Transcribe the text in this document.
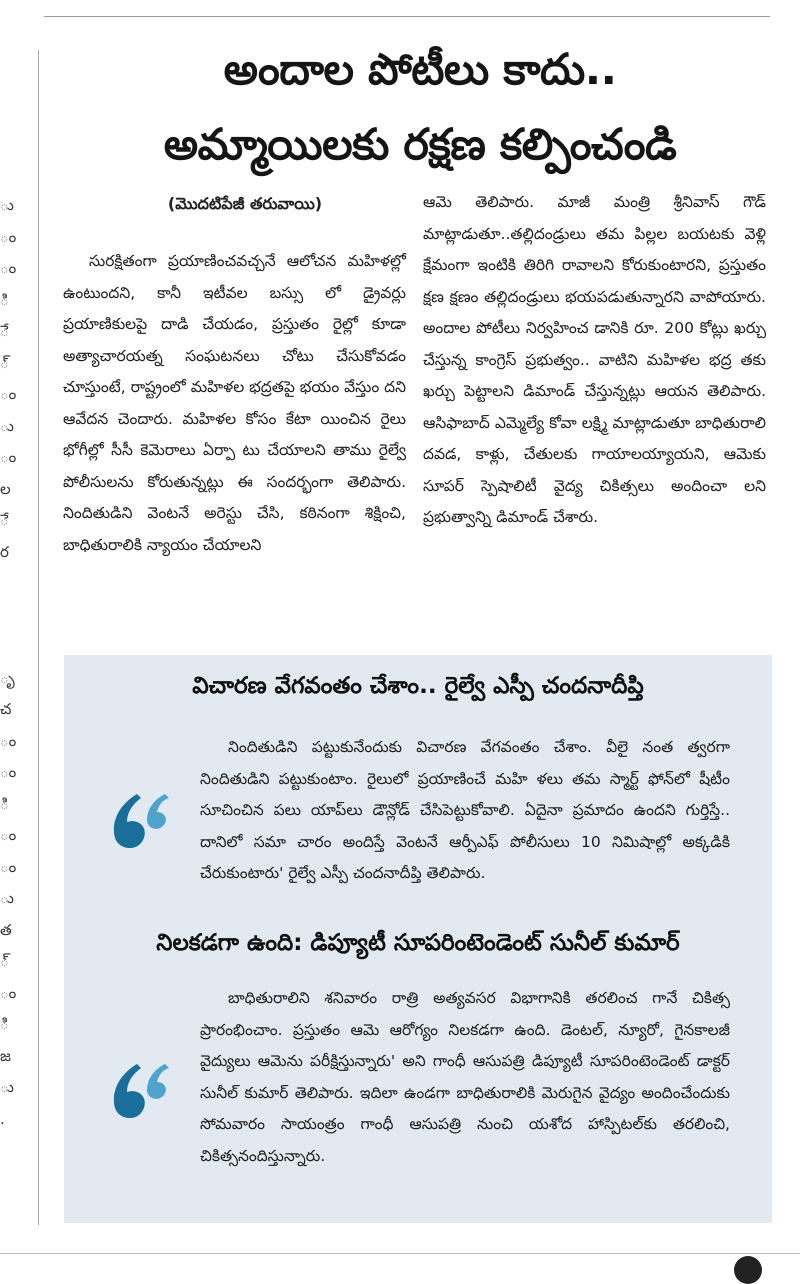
ు
ం
ం
ి
ే
్
ం
ు
ం
ల
ే
ర

ృ
చ
ం
ం
ి
ం
ం
ు
త
్
ం
ి
జ
ు
.
అందాల పోటీలు కాదు..
అమ్మాయిలకు రక్షణ కల్పించండి
(మొదటిపేజీ తరువాయి)
సురక్షితంగా ప్రయాణించవచ్చనే ఆలోచన మహిళల్లో ఉంటుందని, కానీ ఇటీవల బస్సు లో డ్రైవర్లు ప్రయాణికులపై దాడి చేయడం, ప్రస్తుతం రైల్లో కూడా అత్యాచారయత్న సంఘటనలు చోటు చేసుకోవడం చూస్తుంటే, రాష్ట్రంలో మహిళల భద్రతపై భయం వేస్తుం దని ఆవేదన చెందారు. మహిళల కోసం కేటా యించిన రైలు భోగీల్లో సీసీ కెమెరాలు ఏర్పా టు చేయాలని తాము రైల్వే పోలీసులను కోరుతున్నట్లు ఈ సందర్భంగా తెలిపారు. నిందితుడిని వెంటనే అరెస్టు చేసి, కఠినంగా శిక్షించి, బాధితురాలికి న్యాయం చేయాలని
ఆమె తెలిపారు. మాజీ మంత్రి శ్రీనివాస్ గౌడ్ మాట్లాడుతూ..తల్లిదండ్రులు తమ పిల్లల బయటకు వెళ్లి క్షేమంగా ఇంటికి తిరిగి రావాలని కోరుకుంటారని, ప్రస్తుతం క్షణ క్షణం తల్లిదండ్రులు భయపడుతున్నారని వాపోయారు. అందాల పోటీలు నిర్వహించ డానికి రూ. 200 కోట్లు ఖర్చు చేస్తున్న కాంగ్రెస్ ప్రభుత్వం.. వాటిని మహిళల భద్ర తకు ఖర్చు పెట్టాలని డిమాండ్ చేస్తున్నట్లు ఆయన తెలిపారు. ఆసిఫాబాద్ ఎమ్మెల్యే కోవా లక్ష్మి మాట్లాడుతూ బాధితురాలి దవడ, కాళ్లు, చేతులకు గాయాలయ్యాయని, ఆమెకు సూపర్ స్పెషాలిటీ వైద్య చికిత్సలు అందించా లని ప్రభుత్వాన్ని డిమాండ్ చేశారు.
విచారణ వేగవంతం చేశాం.. రైల్వే ఎస్పీ చందనాదీప్తి
నిందితుడిని పట్టుకునేందుకు విచారణ వేగవంతం చేశాం. వీలై నంత త్వరగా నిందితుడిని పట్టుకుంటాం. రైలులో ప్రయాణించే మహి ళలు తమ స్మార్ట్ ఫోన్‌లో షీటీం సూచించిన పలు యాప్‌లు డౌన్లోడ్ చేసిపెట్టుకోవాలి. ఏదైనా ప్రమాదం ఉందని గుర్తిస్తే.. దానిలో సమా చారం అందిస్తే వెంటనే ఆర్పీఎఫ్ పోలీసులు 10 నిమిషాల్లో అక్కడికి చేరుకుంటారు' రైల్వే ఎస్పీ చందనాదీప్తి తెలిపారు.
నిలకడగా ఉంది: డిప్యూటీ సూపరింటెండెంట్ సునీల్ కుమార్
బాధితురాలిని శనివారం రాత్రి అత్యవసర విభాగానికి తరలించ గానే చికిత్స ప్రారంభించాం. ప్రస్తుతం ఆమె ఆరోగ్యం నిలకడగా ఉంది. డెంటల్, న్యూరో, గైనకాలజీ వైద్యులు ఆమెను పరీక్షిస్తున్నారు' అని గాంధీ ఆసుపత్రి డిప్యూటీ సూపరింటెండెంట్ డాక్టర్ సునీల్ కుమార్ తెలిపారు. ఇదిలా ఉండగా బాధితురాలికి మెరుగైన వైద్యం అందించేందుకు సోమవారం సాయంత్రం గాంధీ ఆసుపత్రి నుంచి యశోద హాస్పిటల్‌కు తరలించి, చికిత్సనందిస్తున్నారు.
